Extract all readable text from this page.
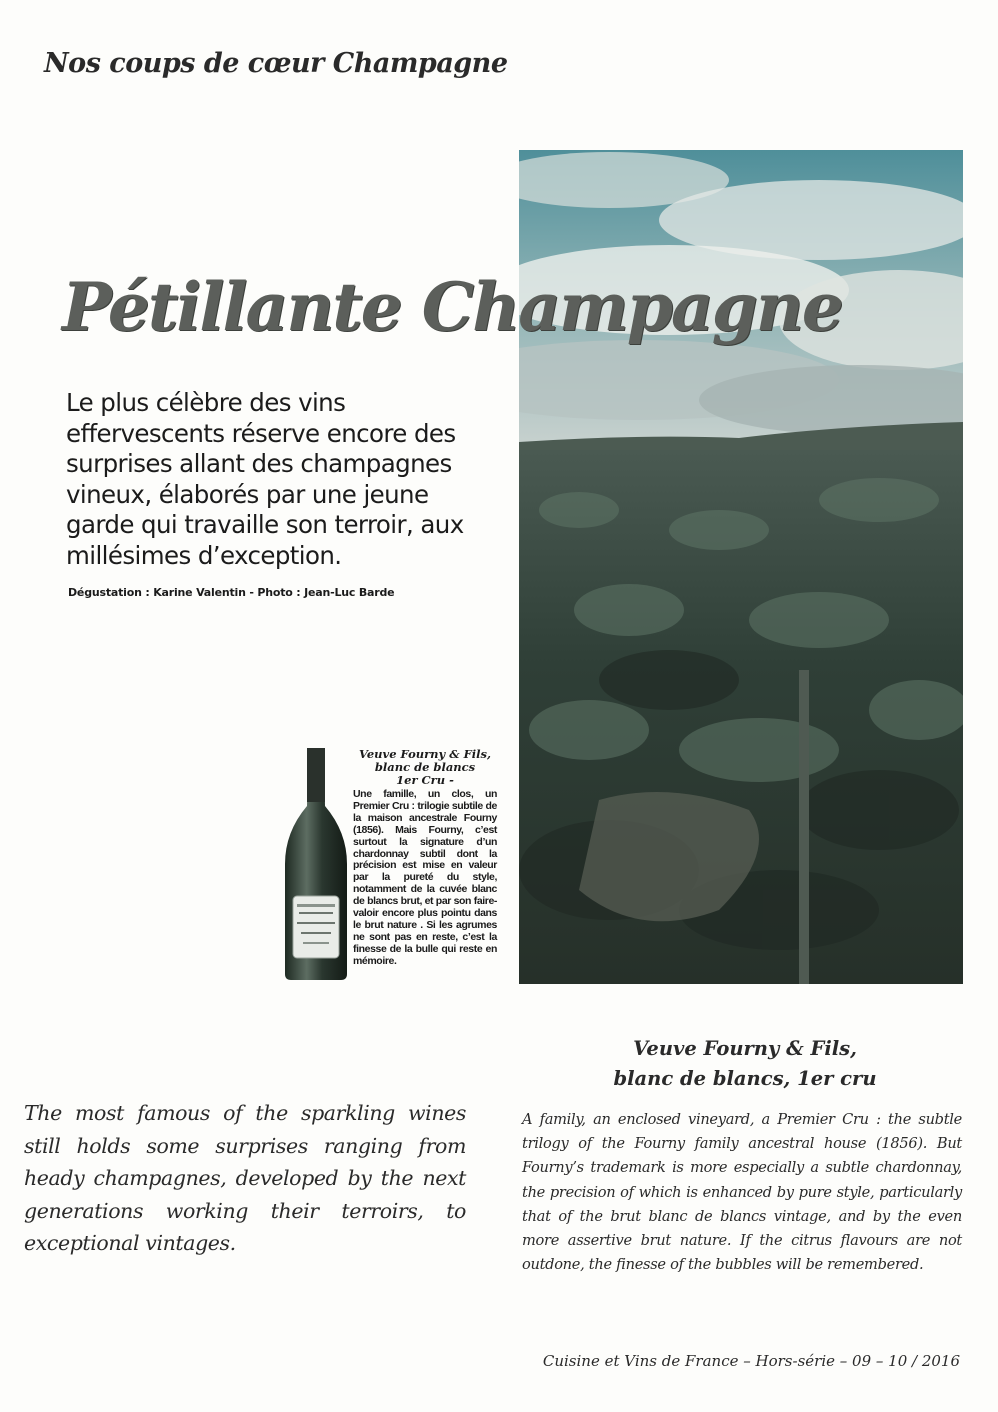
Nos coups de cœur Champagne
Pétillante Champagne
Le plus célèbre des vins effervescents réserve encore des surprises allant des champagnes vineux, élaborés par une jeune garde qui travaille son terroir, aux millésimes d’exception.
Dégustation : Karine Valentin - Photo : Jean-Luc Barde
Veuve Fourny & Fils,
blanc de blancs
1er Cru -
Une famille, un clos, un Premier Cru : trilogie subtile de la maison ancestrale Fourny (1856). Mais Fourny, c’est surtout la signature d’un chardonnay subtil dont la précision est mise en valeur par la pureté du style, notamment de la cuvée blanc de blancs brut, et par son faire-valoir encore plus pointu dans le brut nature . Si les agrumes ne sont pas en reste, c’est la finesse de la bulle qui reste en mémoire.
Veuve Fourny & Fils,
blanc de blancs, 1er cru
The most famous of the sparkling wines still holds some surprises ranging from heady champagnes, developed by the next generations working their terroirs, to exceptional vintages.
A family, an enclosed vineyard, a Premier Cru : the subtle trilogy of the Fourny family ancestral house (1856). But Fourny’s trademark is more especially a subtle chardonnay, the precision of which is enhanced by pure style, particularly that of the brut blanc de blancs vintage, and by the even more assertive brut nature. If the citrus flavours are not outdone, the finesse of the bubbles will be remembered.
Cuisine et Vins de France – Hors-série – 09 – 10 / 2016
